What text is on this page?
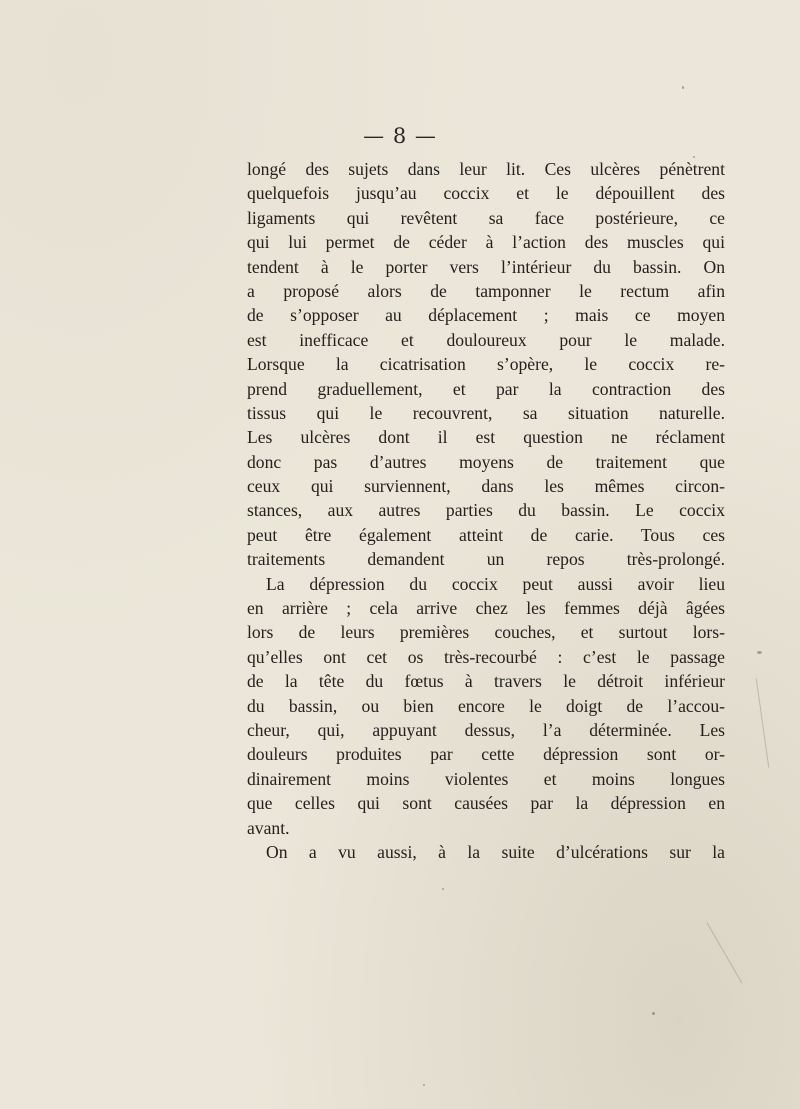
— 8 —
longé des sujets dans leur lit. Ces ulcères pénètrent
quelquefois jusqu’au coccix et le dépouillent des
ligaments qui revêtent sa face postérieure, ce
qui lui permet de céder à l’action des muscles qui
tendent à le porter vers l’intérieur du bassin. On
a proposé alors de tamponner le rectum afin
de s’opposer au déplacement ; mais ce moyen
est inefficace et douloureux pour le malade.
Lorsque la cicatrisation s’opère, le coccix re-
prend graduellement, et par la contraction des
tissus qui le recouvrent, sa situation naturelle.
Les ulcères dont il est question ne réclament
donc pas d’autres moyens de traitement que
ceux qui surviennent, dans les mêmes circon-
stances, aux autres parties du bassin. Le coccix
peut être également atteint de carie. Tous ces
traitements demandent un repos très-prolongé.
La dépression du coccix peut aussi avoir lieu
en arrière ; cela arrive chez les femmes déjà âgées
lors de leurs premières couches, et surtout lors-
qu’elles ont cet os très-recourbé : c’est le passage
de la tête du fœtus à travers le détroit inférieur
du bassin, ou bien encore le doigt de l’accou-
cheur, qui, appuyant dessus, l’a déterminée. Les
douleurs produites par cette dépression sont or-
dinairement moins violentes et moins longues
que celles qui sont causées par la dépression en
avant.
On a vu aussi, à la suite d’ulcérations sur la
